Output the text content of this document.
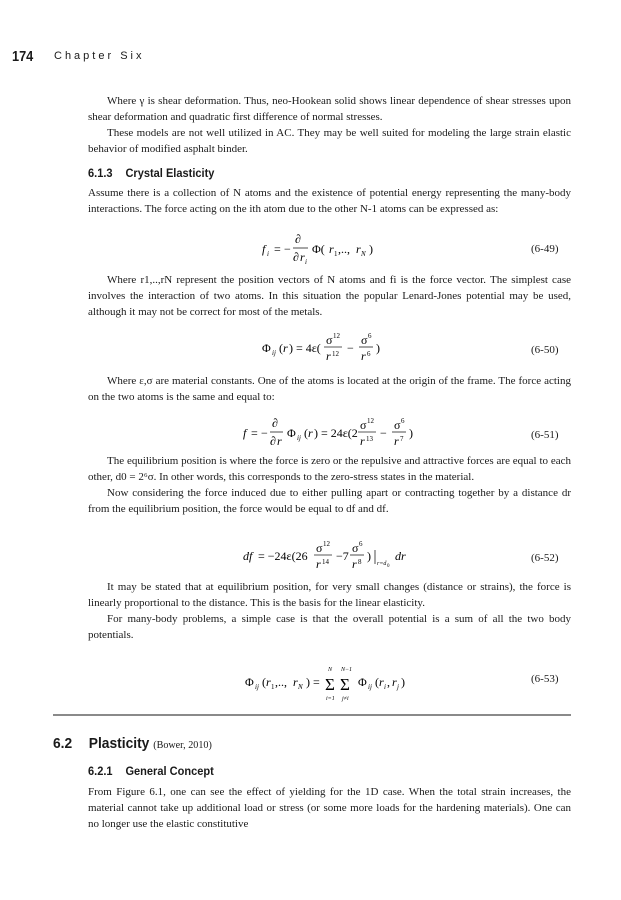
174 Chapter Six

Where γ is shear deformation. Thus, neo-Hookean solid shows linear dependence of shear stresses upon shear deformation and quadratic first difference of normal stresses.

These models are not well utilized in AC. They may be well suited for modeling the large strain elastic behavior of modified asphalt binder.

6.1.3 Crystal Elasticity

Assume there is a collection of N atoms and the existence of potential energy representing the many-body interactions. The force acting on the ith atom due to the other N-1 atoms can be expressed as:

f i = −
∂
∂ r i
Φ( r 1 ,.., r N )	(6-49)

Where r1,..,rN represent the position vectors of N atoms and fi is the force vector. The simplest case involves the interaction of two atoms. In this situation the popular Lenard-Jones potential may be used, although it may not be correct for most of the metals.

Φ ij ( r ) = 4ε(
σ 12
r 12 −
σ 6
r 6 )	(6-50)

Where ε,σ are material constants. One of the atoms is located at the origin of the frame. The force acting on the two atoms is the same and equal to:

f = −
∂
∂ r
Φ ij ( r ) = 24ε(2
σ 12
r 13 −
σ 6
r 7 )	(6-51)

The equilibrium position is where the force is zero or the repulsive and attractive forces are equal to each other, d0 = 2⁶σ. In other words, this corresponds to the zero-stress states in the material.

Now considering the force induced due to either pulling apart or contracting together by a distance dr from the equilibrium position, the force would be equal to df and df.

df = −24ε(26
σ 12
r 14 −7
σ 6
r 8 )
r=d 0
dr	(6-52)

It may be stated that at equilibrium position, for very small changes (distance or strains), the force is linearly proportional to the distance. This is the basis for the linear elasticity.

For many-body problems, a simple case is that the overall potential is a sum of all the two body potentials.

Φ ij ( r 1 ,.., r N ) =
N
Σ
i=1
N−1
Σ
j≠i
Φ ij ( r i , r j )	(6-53)
6.2 Plasticity (Bower, 2010)
6.2.1 General Concept

From Figure 6.1, one can see the effect of yielding for the 1D case. When the total strain increases, the material cannot take up additional load or stress (or some more loads for the hardening materials). One can no longer use the elastic constitutive
